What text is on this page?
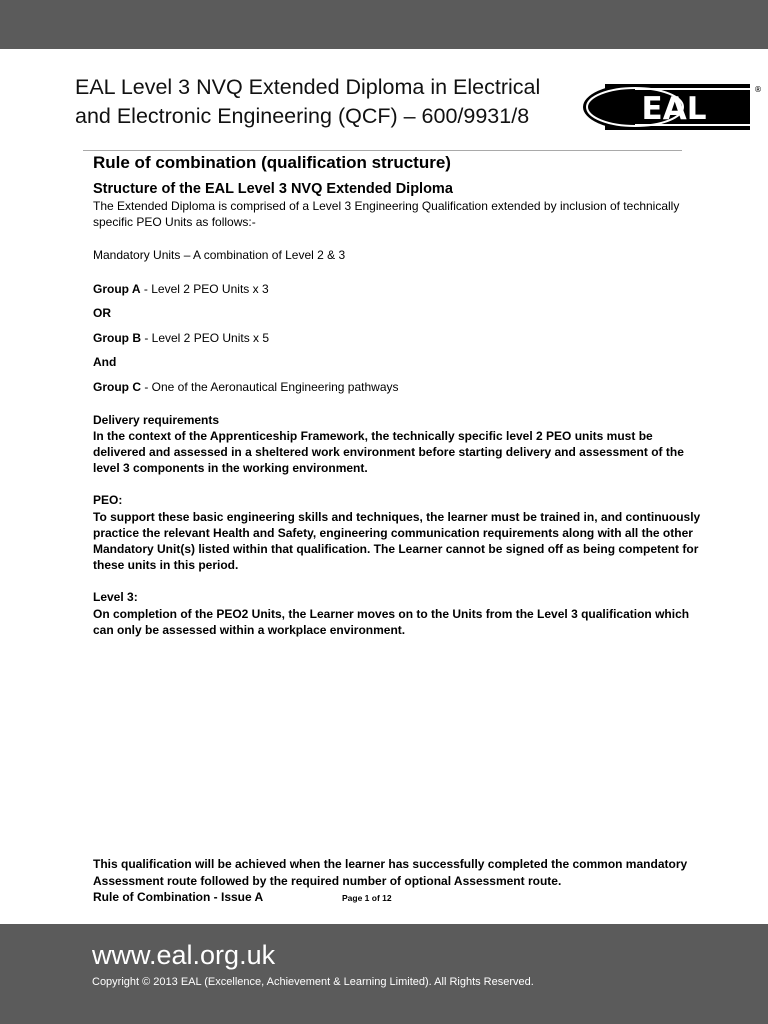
EAL Level 3 NVQ Extended Diploma in Electrical
and Electronic Engineering (QCF) – 600/9931/8	EAL
®
Rule of combination (qualification structure)
Structure of the EAL Level 3 NVQ Extended Diploma
The Extended Diploma is comprised of a Level 3 Engineering Qualification extended by inclusion of technically specific PEO Units as follows:-
Mandatory Units – A combination of Level 2 & 3
Group A - Level 2 PEO Units x 3
OR
Group B - Level 2 PEO Units x 5
And
Group C - One of the Aeronautical Engineering pathways
Delivery requirements
In the context of the Apprenticeship Framework, the technically specific level 2 PEO units must be delivered and assessed in a sheltered work environment before starting delivery and assessment of the level 3 components in the working environment.
PEO:
To support these basic engineering skills and techniques, the learner must be trained in, and continuously practice the relevant Health and Safety, engineering communication requirements along with all the other Mandatory Unit(s) listed within that qualification. The Learner cannot be signed off as being competent for these units in this period.
Level 3:
On completion of the PEO2 Units, the Learner moves on to the Units from the Level 3 qualification which can only be assessed within a workplace environment.
This qualification will be achieved when the learner has successfully completed the common mandatory
Assessment route followed by the required number of optional Assessment route.
Rule of Combination - Issue A	Page 1 of 12
www.eal.org.uk
Copyright © 2013 EAL (Excellence, Achievement & Learning Limited). All Rights Reserved.
